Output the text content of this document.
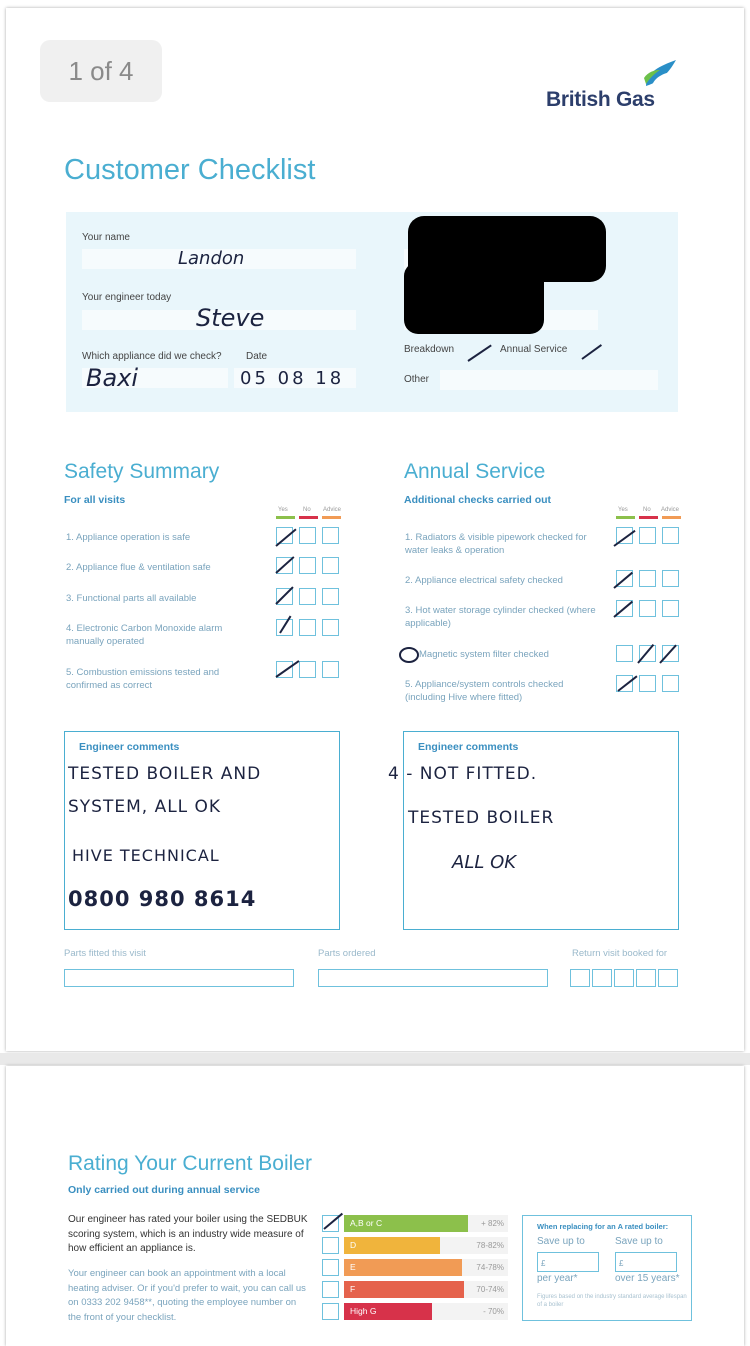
1 of 4
British Gas
Customer Checklist
Your name
Landon
Your engineer today
Steve
Which appliance did we check? Date
Baxi	05 08 18
Breakdown	Annual Service
Other
Safety Summary
For all visits
Yes	No Advice
1. Appliance operation is safe
2. Appliance flue & ventilation safe
3. Functional parts all available
4. Electronic Carbon Monoxide alarm manually operated
5. Combustion emissions tested and confirmed as correct
Annual Service
Additional checks carried out
Yes	No Advice
1. Radiators & visible pipework checked for water leaks & operation
2. Appliance electrical safety checked
3. Hot water storage cylinder checked (where applicable)
Magnetic system filter checked
5. Appliance/system controls checked (including Hive where fitted)
Engineer comments
TESTED BOILER AND
SYSTEM, ALL OK
HIVE TECHNICAL
0800 980 8614
Engineer comments
4 - NOT FITTED.
TESTED BOILER
ALL OK
Parts fitted this visit	Parts ordered	Return visit booked for
Rating Your Current Boiler
Only carried out during annual service
Our engineer has rated your boiler using the SEDBUK scoring system, which is an industry wide measure of how efficient an appliance is.
Your engineer can book an appointment with a local heating adviser. Or if you'd prefer to wait, you can call us on 0333 202 9458**, quoting the employee number on the front of your checklist.
A,B or C	+ 82%
D	78-82%
E	74-78%
F	70-74%
High G	- 70%
When replacing for an A rated boiler:
Save up to	Save up to
£	£
per year*	over 15 years*
Figures based on the industry standard average lifespan of a boiler
